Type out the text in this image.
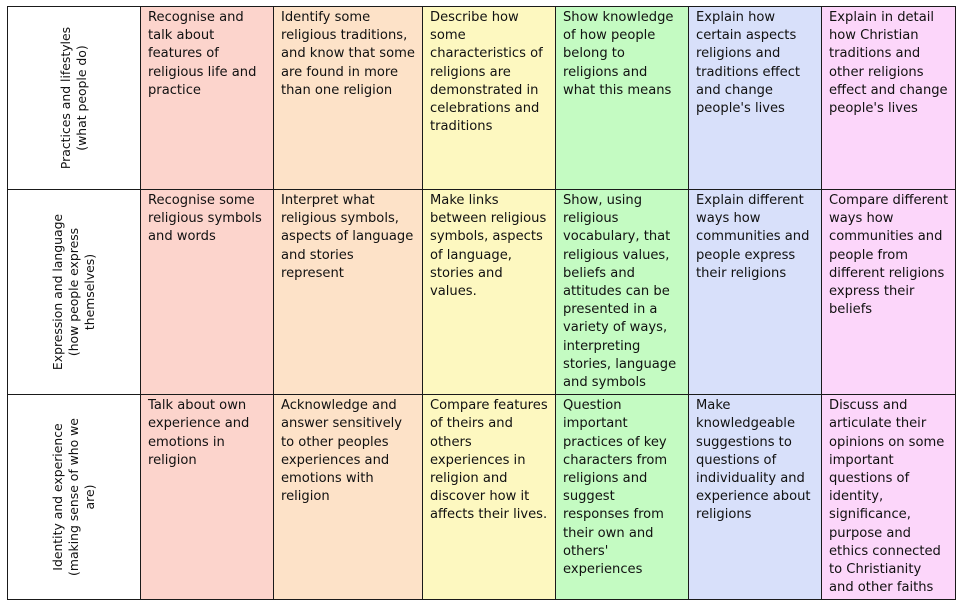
Practices and lifestyles (what people do)	Recognise and talk about features of religious life and practice	Identify some religious traditions, and know that some are found in more than one religion	Describe how some characteristics of religions are demonstrated in celebrations and traditions	Show knowledge of how people belong to religions and what this means	Explain how certain aspects religions and traditions effect and change people's lives	Explain in detail how Christian traditions and other religions effect and change people's lives

Expression and language (how people express themselves)	Recognise some religious symbols and words	Interpret what religious symbols, aspects of language and stories represent	Make links between religious symbols, aspects of language, stories and values.	Show, using religious vocabulary, that religious values, beliefs and attitudes can be presented in a variety of ways, interpreting stories, language and symbols	Explain different ways how communities and people express their religions	Compare different ways how communities and people from different religions express their beliefs

Identity and experience (making sense of who we are)	Talk about own experience and emotions in religion	Acknowledge and answer sensitively to other peoples experiences and emotions with religion	Compare features of theirs and others experiences in religion and discover how it affects their lives.	Question important practices of key characters from religions and suggest responses from their own and others' experiences	Make knowledgeable suggestions to questions of individuality and experience about religions	Discuss and articulate their opinions on some important questions of identity, significance, purpose and ethics connected to Christianity and other faiths
